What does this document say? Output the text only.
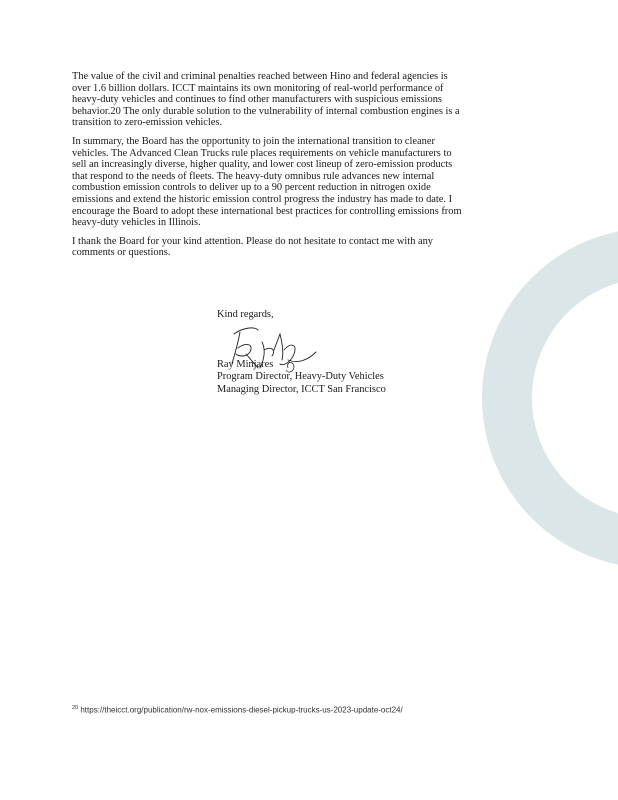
The value of the civil and criminal penalties reached between Hino and federal agencies is over 1.6 billion dollars. ICCT maintains its own monitoring of real-world performance of heavy-duty vehicles and continues to find other manufacturers with suspicious emissions behavior.20 The only durable solution to the vulnerability of internal combustion engines is a transition to zero-emission vehicles.

In summary, the Board has the opportunity to join the international transition to cleaner vehicles. The Advanced Clean Trucks rule places requirements on vehicle manufacturers to sell an increasingly diverse, higher quality, and lower cost lineup of zero-emission products that respond to the needs of fleets. The heavy-duty omnibus rule advances new internal combustion emission controls to deliver up to a 90 percent reduction in nitrogen oxide emissions and extend the historic emission control progress the industry has made to date. I encourage the Board to adopt these international best practices for controlling emissions from heavy-duty vehicles in Illinois.

I thank the Board for your kind attention. Please do not hesitate to contact me with any comments or questions.

Kind regards,
Ray Minjares
Program Director, Heavy-Duty Vehicles
Managing Director, ICCT San Francisco
$^{20}$ https://theicct.org/publication/rw-nox-emissions-diesel-pickup-trucks-us-2023-update-oct24/
